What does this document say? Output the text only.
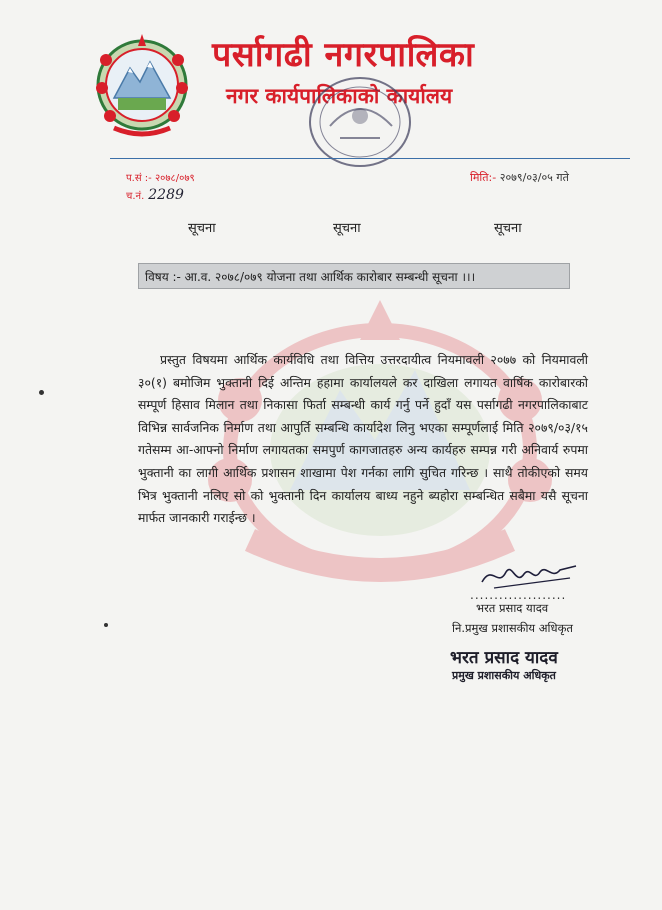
पर्सागढी नगरपालिका
नगर कार्यपालिकाको कार्यालय
प.सं :- २०७८/०७९
च.नं. 2289
मिति:- २०७९/०३/०५ गते
सूचना	सूचना	सूचना
विषय :- आ.व. २०७८/०७९ योजना तथा आर्थिक कारोबार सम्बन्धी सूचना ।।।

प्रस्तुत विषयमा आर्थिक कार्यविधि तथा वित्तिय उत्तरदायीत्व नियमावली २०७७ को नियमावली ३०(१) बमोजिम भुक्तानी दिई अन्तिम हहामा कार्यालयले कर दाखिला लगायत वार्षिक कारोबारको सम्पूर्ण हिसाव मिलान तथा निकासा फिर्ता सम्बन्धी कार्य गर्नु पर्ने हुदाँ यस पर्सागढी नगरपालिकाबाट विभिन्न सार्वजनिक निर्माण तथा आपुर्ति सम्बन्धि कार्यादेश लिनु भएका सम्पूर्णलाई मिति २०७९/०३/१५ गतेसम्म आ-आफ्नो निर्माण लगायतका समपुर्ण कागजातहरु अन्य कार्यहरु सम्पन्न गरी अनिवार्य रुपमा भुक्तानी का लागी आर्थिक प्रशासन शाखामा पेश गर्नका लागि सुचित गरिन्छ । साथै तोकीएको समय भित्र भुक्तानी नलिए सो को भुक्तानी दिन कार्यालय बाध्य नहुने ब्यहोरा सम्बन्धित सबैमा यसै सूचना मार्फत जानकारी गराईन्छ ।

....................
भरत प्रसाद यादव
नि.प्रमुख प्रशासकीय अधिकृत
भरत प्रसाद यादव
प्रमुख प्रशासकीय अधिकृत
